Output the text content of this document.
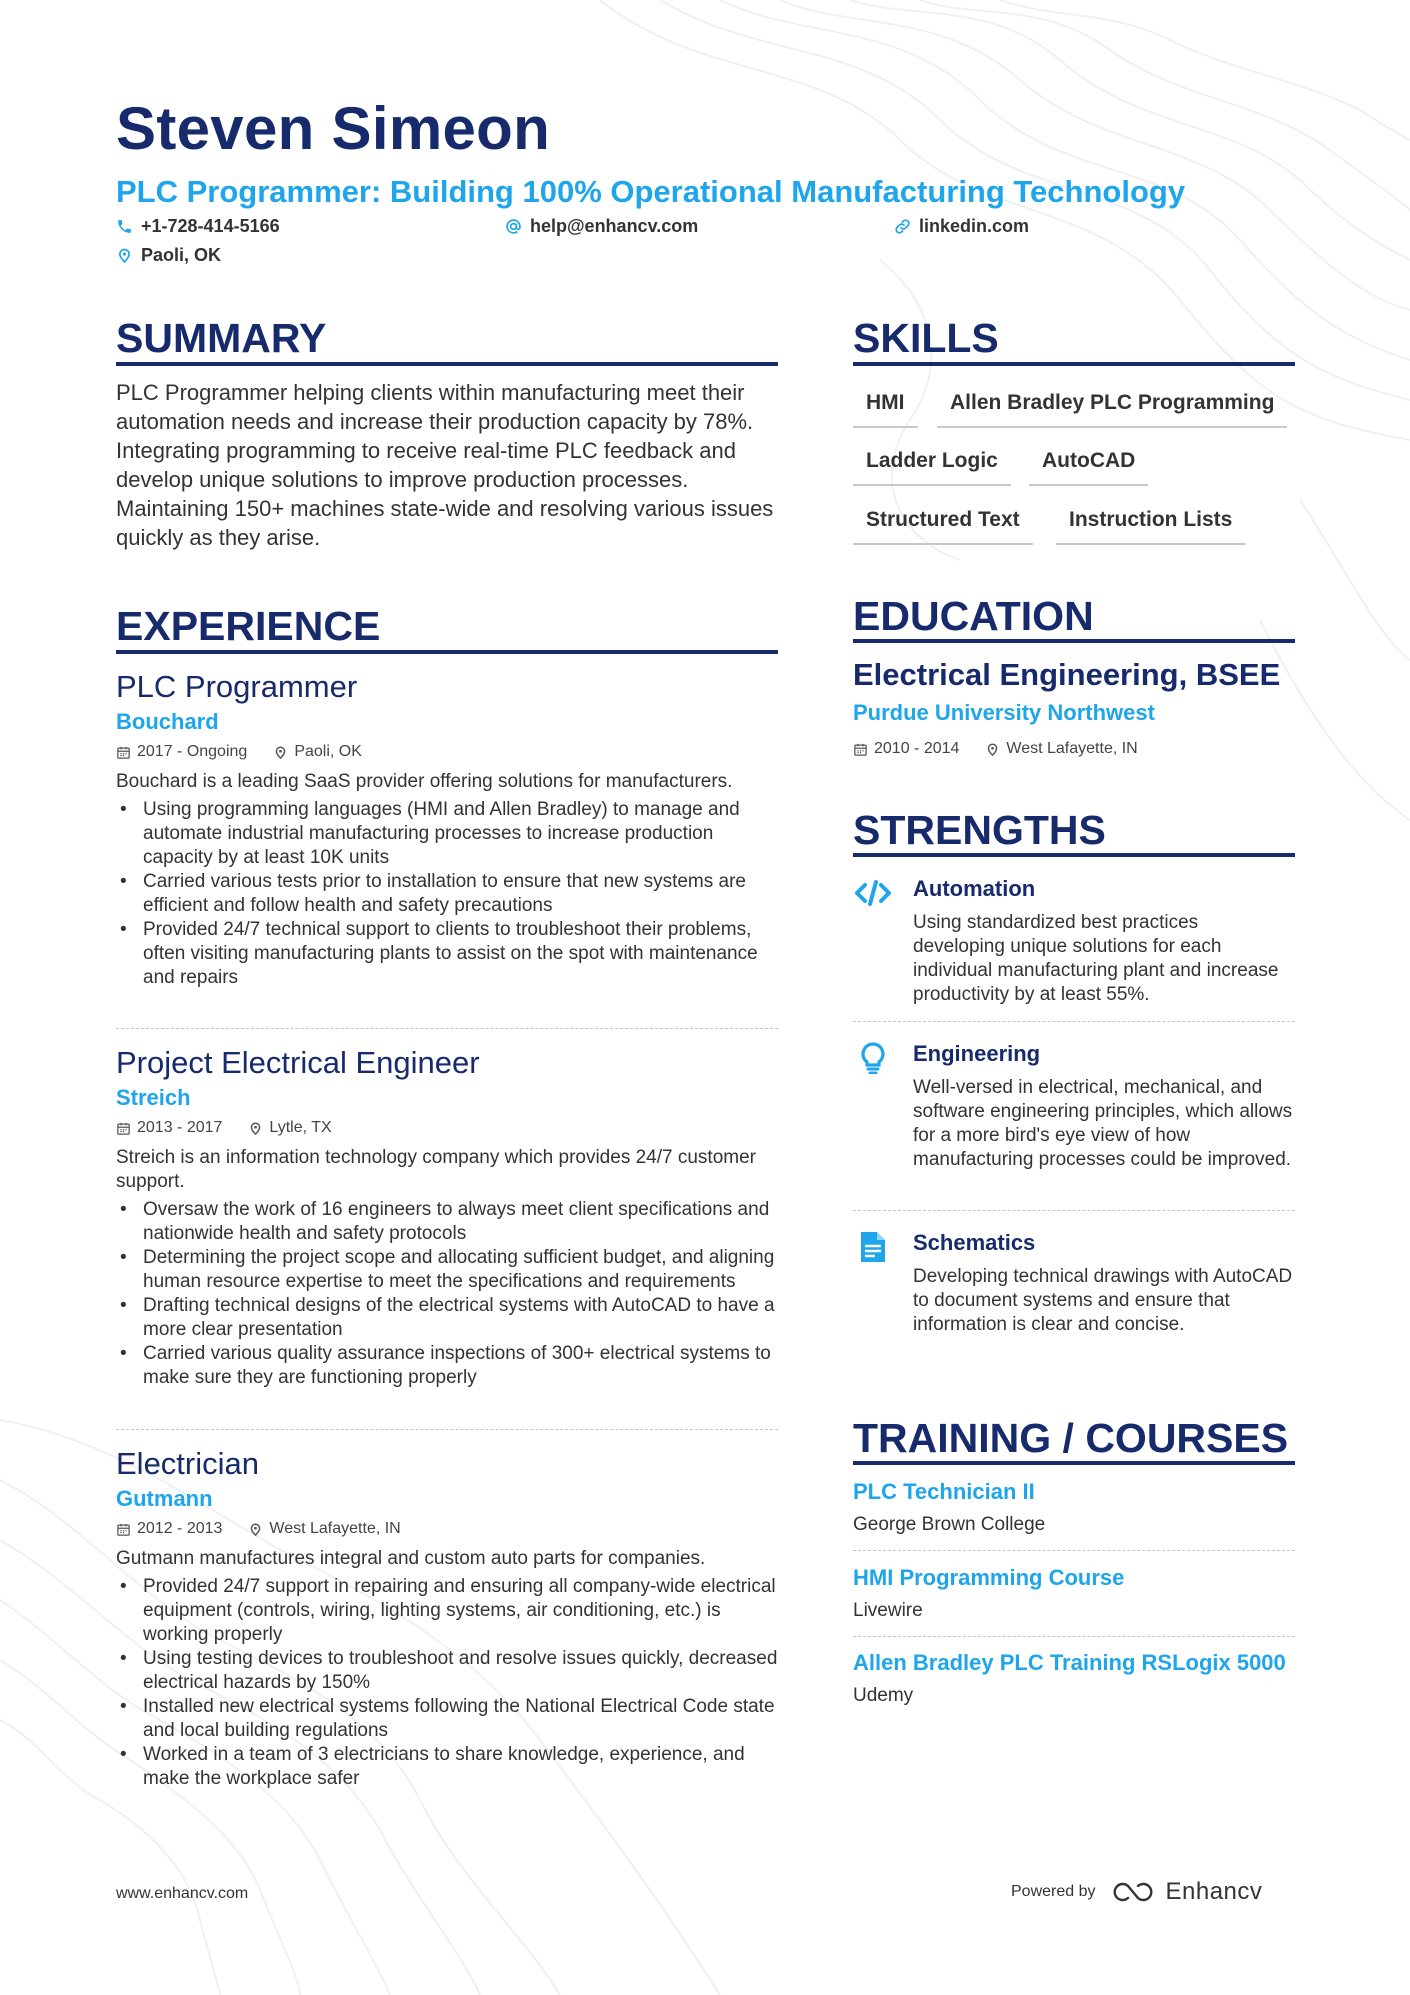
Steven Simeon

PLC Programmer: Building 100% Operational Manufacturing Technology

+1-728-414-5166	help@enhancv.com	linkedin.com
Paoli, OK
SUMMARY

PLC Programmer helping clients within manufacturing meet their automation needs and increase their production capacity by 78%. Integrating programming to receive real-time PLC feedback and develop unique solutions to improve production processes. Maintaining 150+ machines state-wide and resolving various issues quickly as they arise.

EXPERIENCE
PLC Programmer

Bouchard

2017 - Ongoing	Paoli, OK

Bouchard is a leading SaaS provider offering solutions for manufacturers.

• Using programming languages (HMI and Allen Bradley) to manage and automate industrial manufacturing processes to increase production capacity by at least 10K units
• Carried various tests prior to installation to ensure that new systems are efficient and follow health and safety precautions
• Provided 24/7 technical support to clients to troubleshoot their problems, often visiting manufacturing plants to assist on the spot with maintenance and repairs
Project Electrical Engineer

Streich

2013 - 2017	Lytle, TX

Streich is an information technology company which provides 24/7 customer support.

• Oversaw the work of 16 engineers to always meet client specifications and nationwide health and safety protocols
• Determining the project scope and allocating sufficient budget, and aligning human resource expertise to meet the specifications and requirements
• Drafting technical designs of the electrical systems with AutoCAD to have a more clear presentation
• Carried various quality assurance inspections of 300+ electrical systems to make sure they are functioning properly
Electrician

Gutmann

2012 - 2013	West Lafayette, IN

Gutmann manufactures integral and custom auto parts for companies.

• Provided 24/7 support in repairing and ensuring all company-wide electrical equipment (controls, wiring, lighting systems, air conditioning, etc.) is working properly
• Using testing devices to troubleshoot and resolve issues quickly, decreased electrical hazards by 150%
• Installed new electrical systems following the National Electrical Code state and local building regulations
• Worked in a team of 3 electricians to share knowledge, experience, and make the workplace safer
SKILLS
HMI	Allen Bradley PLC Programming
Ladder Logic	AutoCAD
Structured Text	Instruction Lists
EDUCATION
Electrical Engineering, BSEE

Purdue University Northwest

2010 - 2014	West Lafayette, IN
STRENGTHS

Automation

Using standardized best practices developing unique solutions for each individual manufacturing plant and increase productivity by at least 55%.

Engineering

Well-versed in electrical, mechanical, and software engineering principles, which allows for a more bird's eye view of how manufacturing processes could be improved.

Schematics

Developing technical drawings with AutoCAD to document systems and ensure that information is clear and concise.

TRAINING / COURSES

PLC Technician II

George Brown College

HMI Programming Course

Livewire

Allen Bradley PLC Training RSLogix 5000

Udemy

www.enhancv.com	Powered by	Enhancv
